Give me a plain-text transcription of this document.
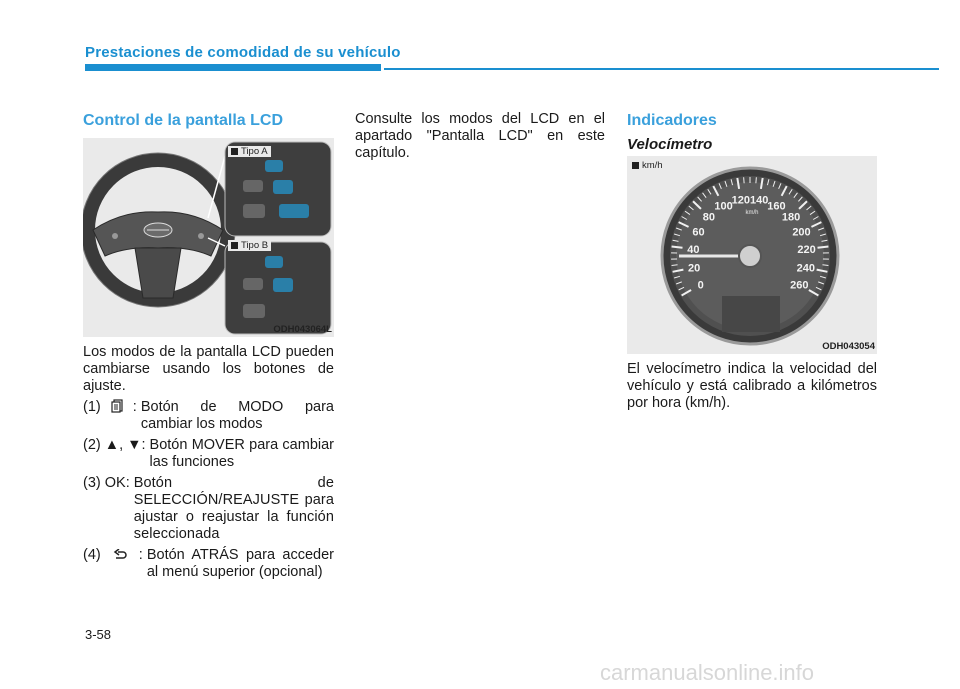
Prestaciones de comodidad de su vehículo
Control de la pantalla LCD
Tipo A
Tipo B
ODH043064L

Los modos de la pantalla LCD pueden cambiarse usando los botones de ajuste.

(1) : Botón de MODO para cambiar los modos
(2) ▲, ▼: Botón MOVER para cambiar las funciones
(3) OK: Botón de SELECCIÓN/REAJUSTE para ajustar o reajustar la función seleccionada
(4)	: Botón ATRÁS para acceder al menú superior (opcional)
Consulte los modos del LCD en el apartado "Pantalla LCD" en este capítulo.
Indicadores
Velocímetro
km/h
0
20
40
60
80
100
120 140
160
180
200
220
240
260
km/h
ODH043054
El velocímetro indica la velocidad del vehículo y está calibrado a kilómetros por hora (km/h).
3-58
carmanualsonline.info
